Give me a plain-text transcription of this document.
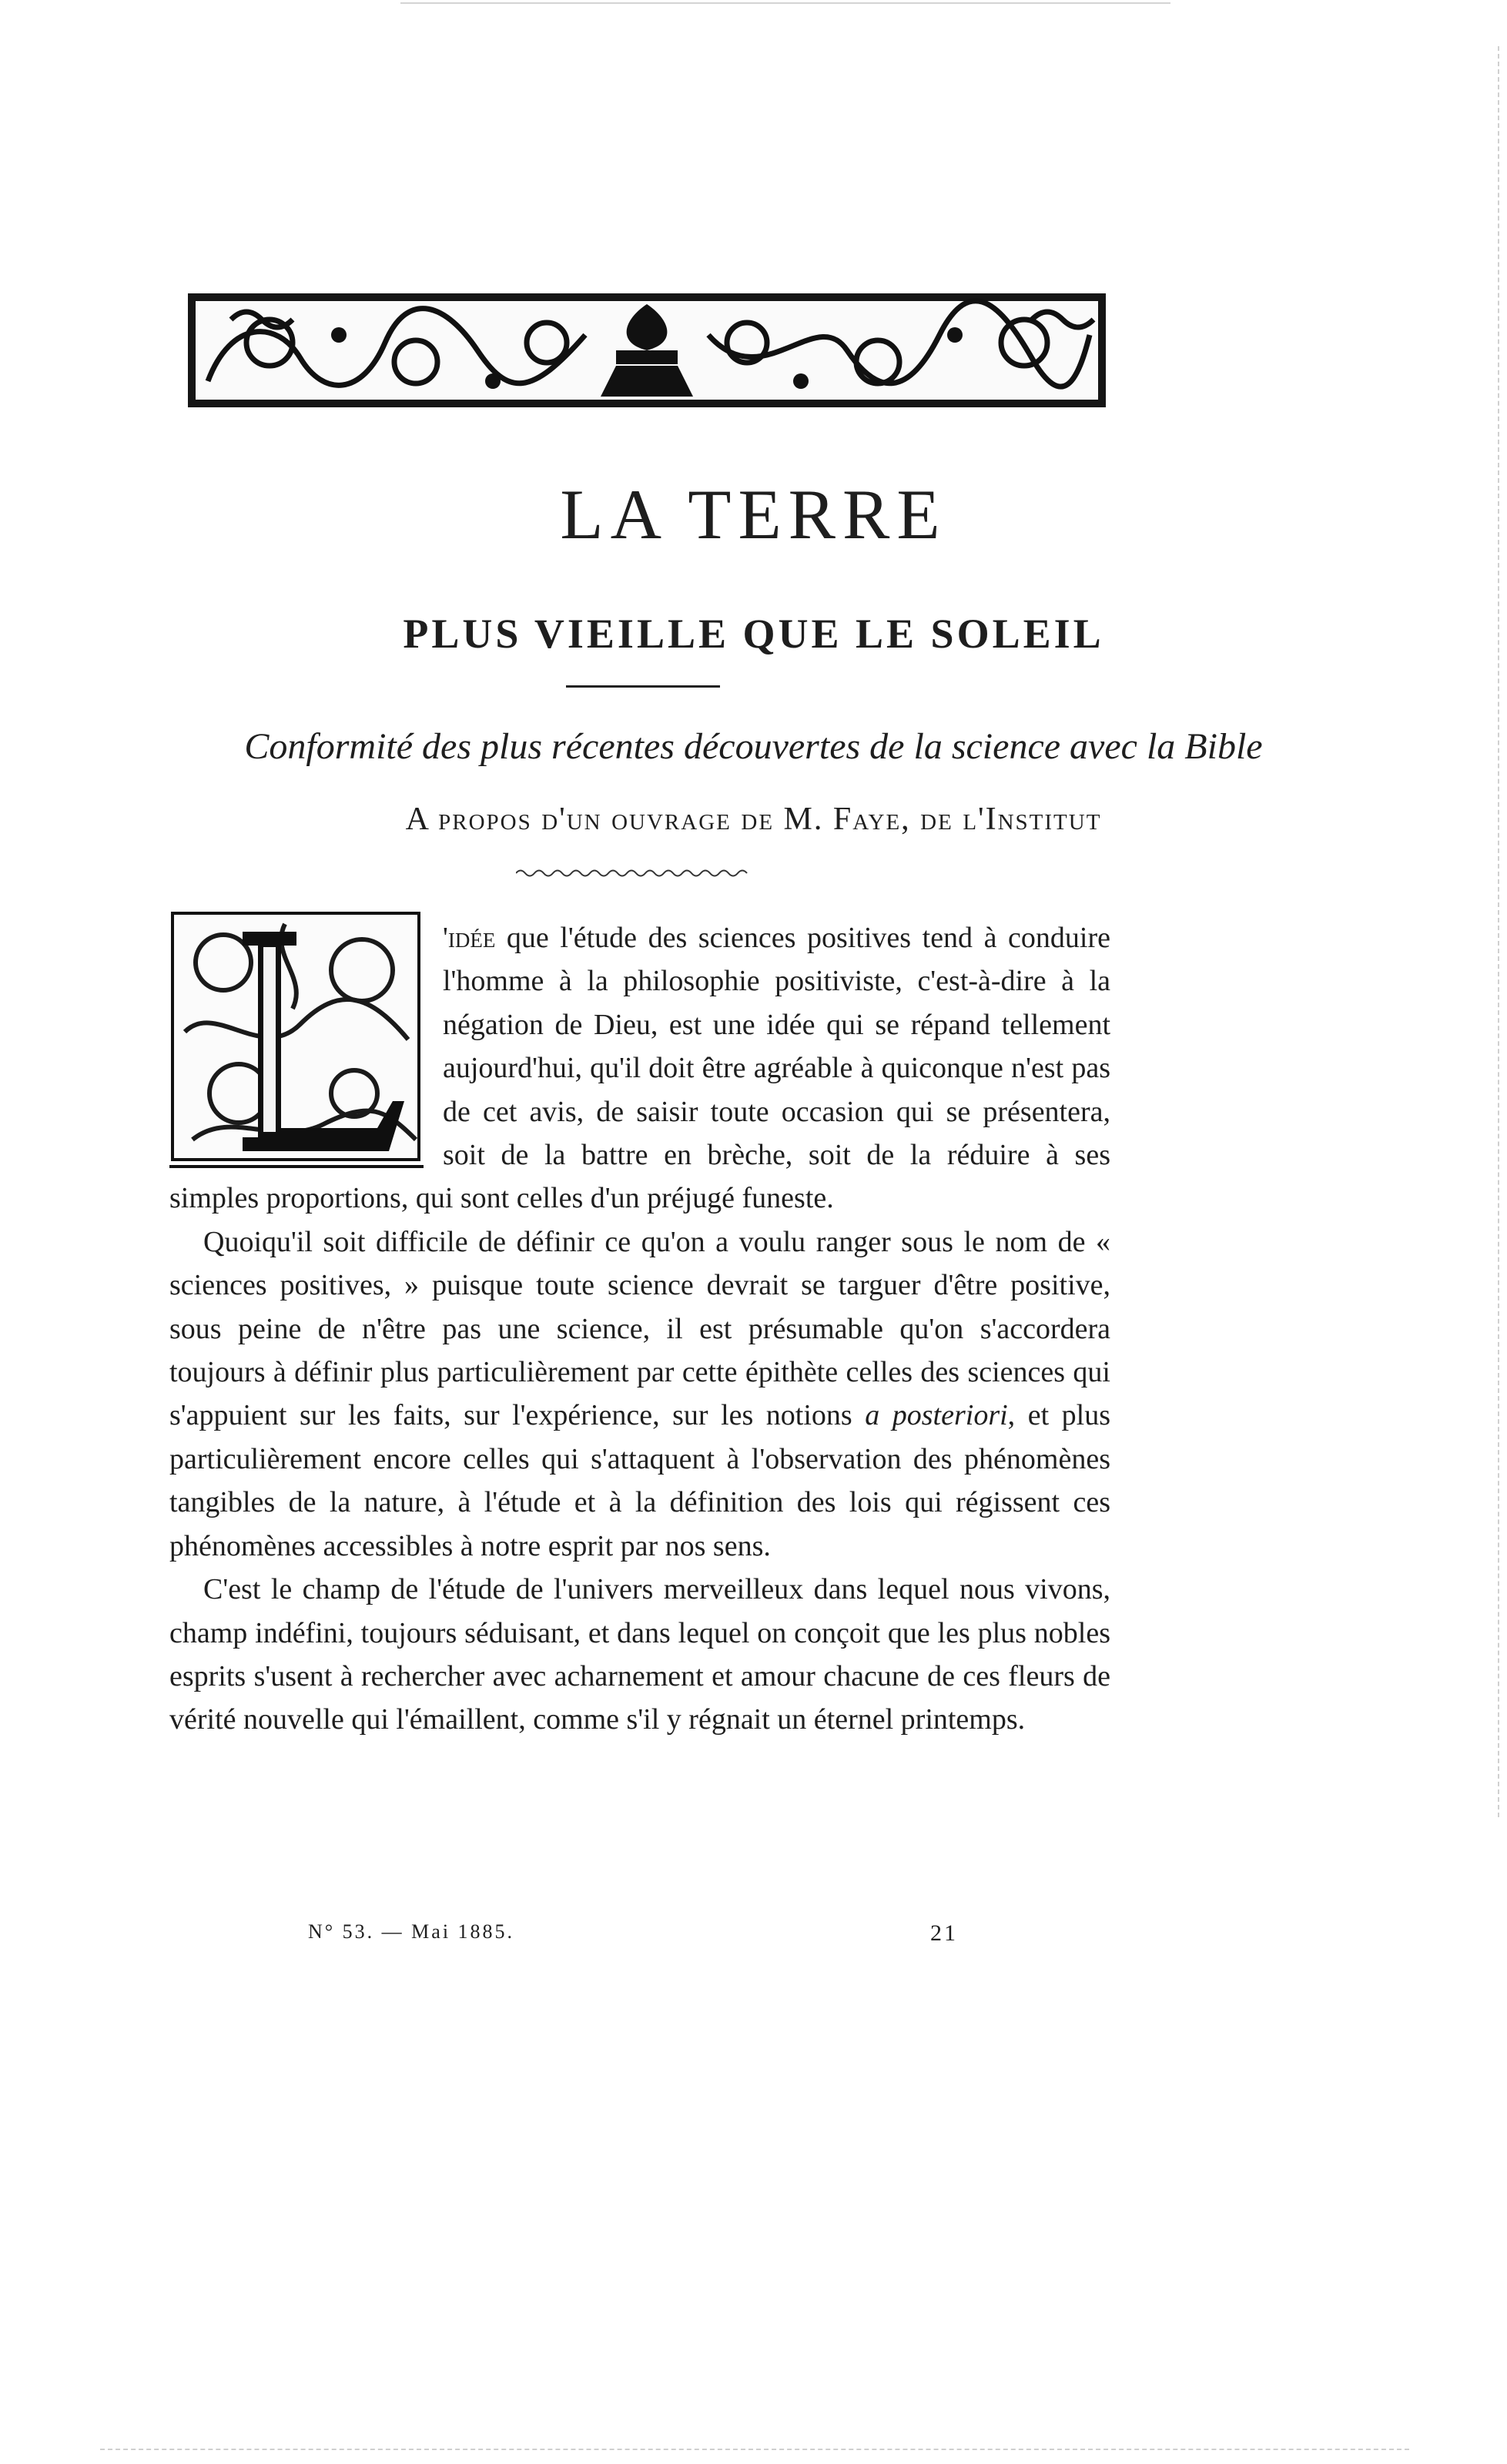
LA TERRE
PLUS VIEILLE QUE LE SOLEIL

Conformité des plus récentes découvertes de la science avec la Bible

A propos d'un ouvrage de M. Faye, de l'Institut

'idée que l'étude des sciences positives tend à conduire l'homme à la philosophie positiviste, c'est-à-dire à la négation de Dieu, est une idée qui se répand tellement aujourd'hui, qu'il doit être agréable à quiconque n'est pas de cet avis, de saisir toute occasion qui se présentera, soit de la battre en brèche, soit de la réduire à ses simples proportions, qui sont celles d'un préjugé funeste.

Quoiqu'il soit difficile de définir ce qu'on a voulu ranger sous le nom de « sciences positives, » puisque toute science devrait se targuer d'être positive, sous peine de n'être pas une science, il est présumable qu'on s'accordera toujours à définir plus particulièrement par cette épithète celles des sciences qui s'appuient sur les faits, sur l'expérience, sur les notions a posteriori, et plus particulièrement encore celles qui s'attaquent à l'observation des phénomènes tangibles de la nature, à l'étude et à la définition des lois qui régissent ces phénomènes accessibles à notre esprit par nos sens.

C'est le champ de l'étude de l'univers merveilleux dans lequel nous vivons, champ indéfini, toujours séduisant, et dans lequel on conçoit que les plus nobles esprits s'usent à rechercher avec acharnement et amour chacune de ces fleurs de vérité nouvelle qui l'émaillent, comme s'il y régnait un éternel printemps.

N° 53. — Mai 1885.	21
